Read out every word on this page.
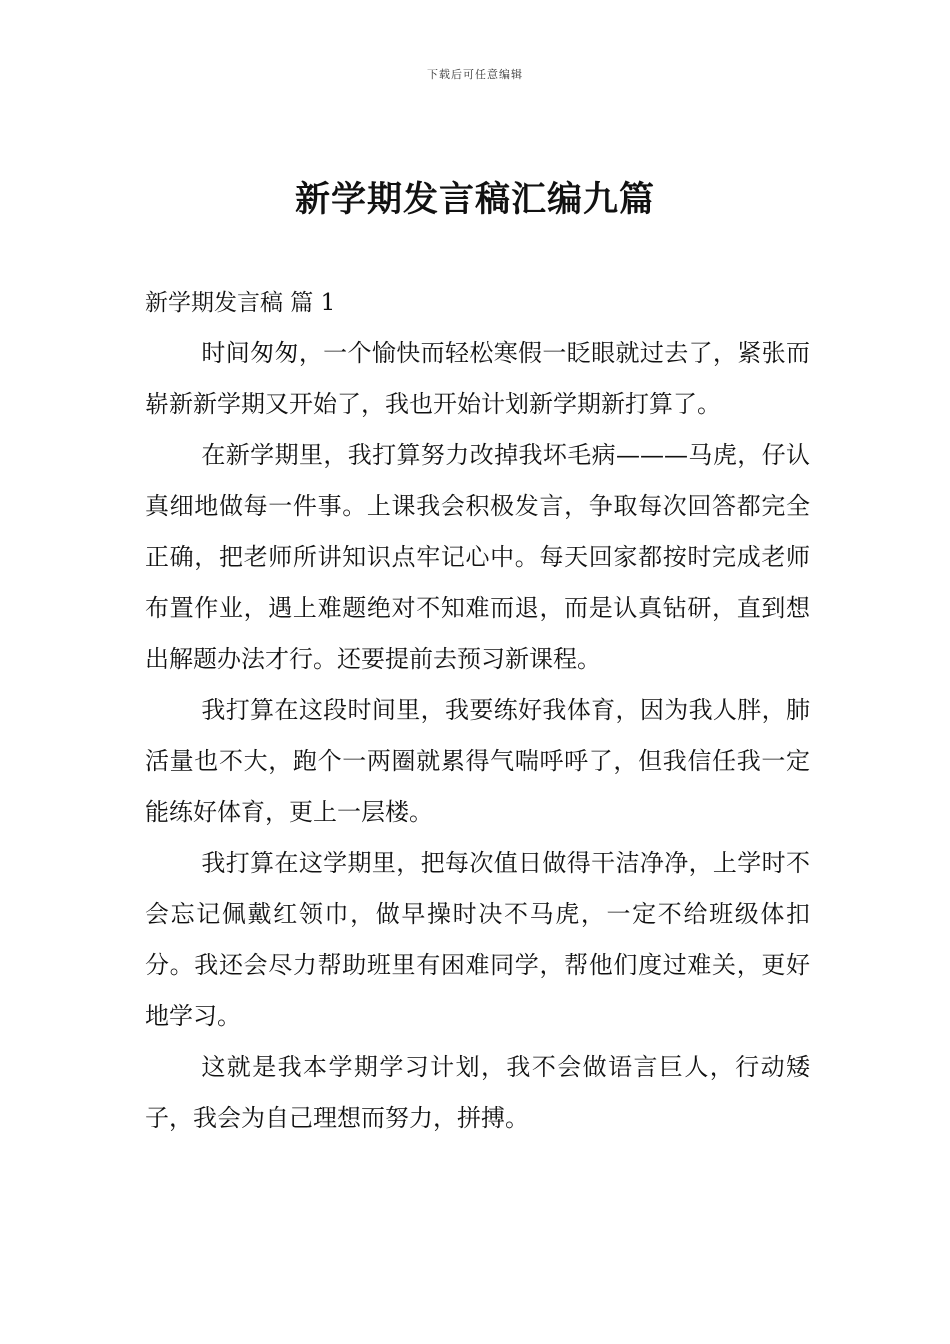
下载后可任意编辑
新学期发言稿汇编九篇
新学期发言稿 篇 1

时间匆匆，一个愉快而轻松寒假一眨眼就过去了，紧张而崭新新学期又开始了，我也开始计划新学期新打算了。

在新学期里，我打算努力改掉我坏毛病———马虎，仔认真细地做每一件事。上课我会积极发言，争取每次回答都完全正确，把老师所讲知识点牢记心中。每天回家都按时完成老师布置作业，遇上难题绝对不知难而退，而是认真钻研，直到想出解题办法才行。还要提前去预习新课程。

我打算在这段时间里，我要练好我体育，因为我人胖，肺活量也不大，跑个一两圈就累得气喘呼呼了，但我信任我一定能练好体育，更上一层楼。

我打算在这学期里，把每次值日做得干洁净净，上学时不会忘记佩戴红领巾，做早操时决不马虎，一定不给班级体扣分。我还会尽力帮助班里有困难同学，帮他们度过难关，更好地学习。

这就是我本学期学习计划，我不会做语言巨人，行动矮子，我会为自己理想而努力，拼搏。
